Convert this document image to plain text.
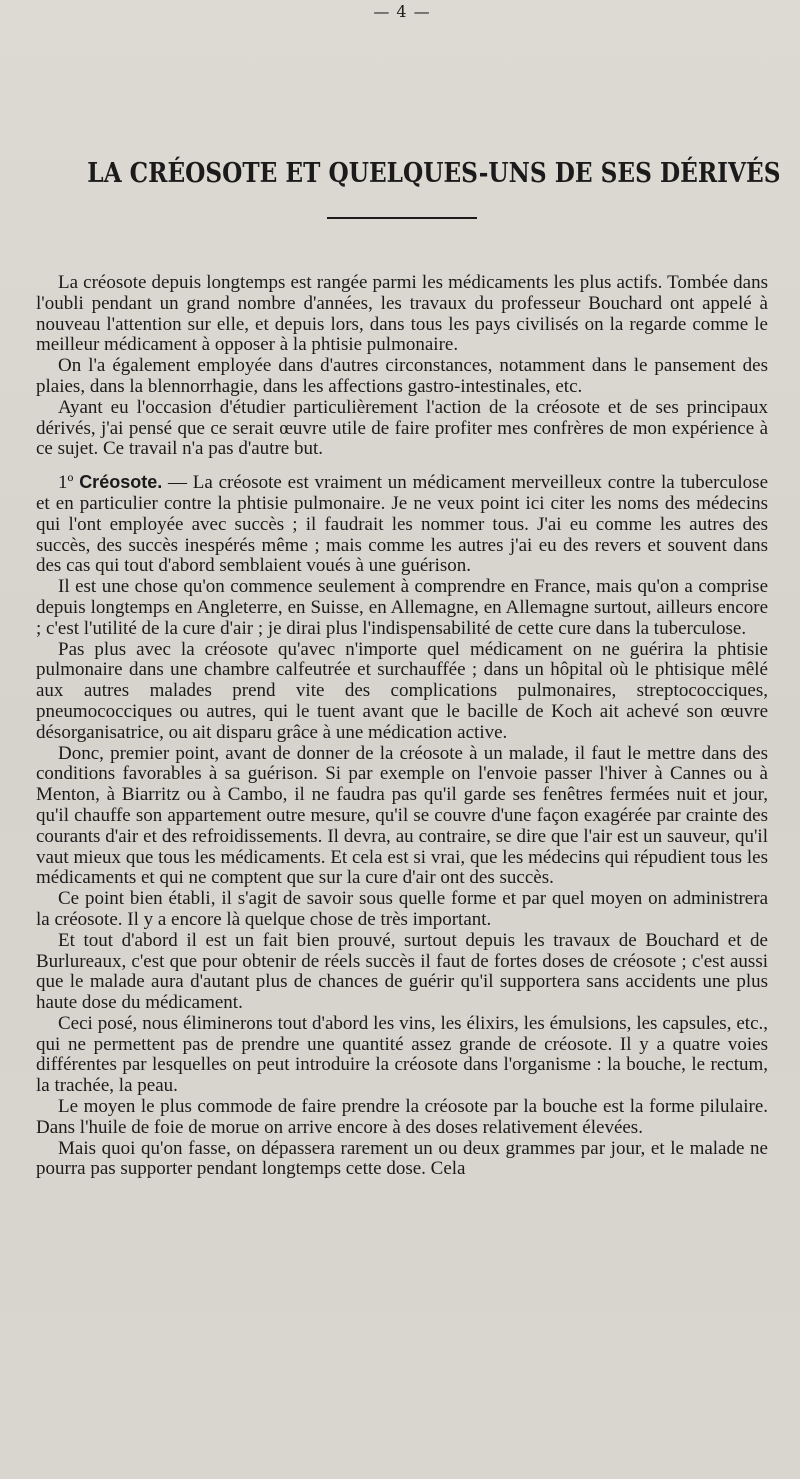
— 4 —
LA CRÉOSOTE ET QUELQUES-UNS DE SES DÉRIVÉS

La créosote depuis longtemps est rangée parmi les médicaments les plus actifs. Tombée dans l'oubli pendant un grand nombre d'années, les travaux du professeur Bouchard ont appelé à nouveau l'attention sur elle, et depuis lors, dans tous les pays civilisés on la regarde comme le meilleur médicament à opposer à la phtisie pulmonaire.

On l'a également employée dans d'autres circonstances, notamment dans le pansement des plaies, dans la blennorrhagie, dans les affections gastro-intestinales, etc.

Ayant eu l'occasion d'étudier particulièrement l'action de la créosote et de ses principaux dérivés, j'ai pensé que ce serait œuvre utile de faire profiter mes confrères de mon expérience à ce sujet. Ce travail n'a pas d'autre but.

1º Créosote. — La créosote est vraiment un médicament merveilleux contre la tuberculose et en particulier contre la phtisie pulmonaire. Je ne veux point ici citer les noms des médecins qui l'ont employée avec succès ; il faudrait les nommer tous. J'ai eu comme les autres des succès, des succès inespérés même ; mais comme les autres j'ai eu des revers et souvent dans des cas qui tout d'abord semblaient voués à une guérison.

Il est une chose qu'on commence seulement à comprendre en France, mais qu'on a comprise depuis longtemps en Angleterre, en Suisse, en Allemagne, en Allemagne surtout, ailleurs encore ; c'est l'utilité de la cure d'air ; je dirai plus l'indispensabilité de cette cure dans la tuberculose.

Pas plus avec la créosote qu'avec n'importe quel médicament on ne guérira la phtisie pulmonaire dans une chambre calfeutrée et surchauffée ; dans un hôpital où le phtisique mêlé aux autres malades prend vite des complications pulmonaires, streptococciques, pneumococciques ou autres, qui le tuent avant que le bacille de Koch ait achevé son œuvre désorganisatrice, ou ait disparu grâce à une médication active.

Donc, premier point, avant de donner de la créosote à un malade, il faut le mettre dans des conditions favorables à sa guérison. Si par exemple on l'envoie passer l'hiver à Cannes ou à Menton, à Biarritz ou à Cambo, il ne faudra pas qu'il garde ses fenêtres fermées nuit et jour, qu'il chauffe son appartement outre mesure, qu'il se couvre d'une façon exagérée par crainte des courants d'air et des refroidissements. Il devra, au contraire, se dire que l'air est un sauveur, qu'il vaut mieux que tous les médicaments. Et cela est si vrai, que les médecins qui répudient tous les médicaments et qui ne comptent que sur la cure d'air ont des succès.

Ce point bien établi, il s'agit de savoir sous quelle forme et par quel moyen on administrera la créosote. Il y a encore là quelque chose de très important.

Et tout d'abord il est un fait bien prouvé, surtout depuis les travaux de Bouchard et de Burlureaux, c'est que pour obtenir de réels succès il faut de fortes doses de créosote ; c'est aussi que le malade aura d'autant plus de chances de guérir qu'il supportera sans accidents une plus haute dose du médicament.

Ceci posé, nous éliminerons tout d'abord les vins, les élixirs, les émulsions, les capsules, etc., qui ne permettent pas de prendre une quantité assez grande de créosote. Il y a quatre voies différentes par lesquelles on peut introduire la créosote dans l'organisme : la bouche, le rectum, la trachée, la peau.

Le moyen le plus commode de faire prendre la créosote par la bouche est la forme pilulaire. Dans l'huile de foie de morue on arrive encore à des doses relativement élevées.

Mais quoi qu'on fasse, on dépassera rarement un ou deux grammes par jour, et le malade ne pourra pas supporter pendant longtemps cette dose. Cela
